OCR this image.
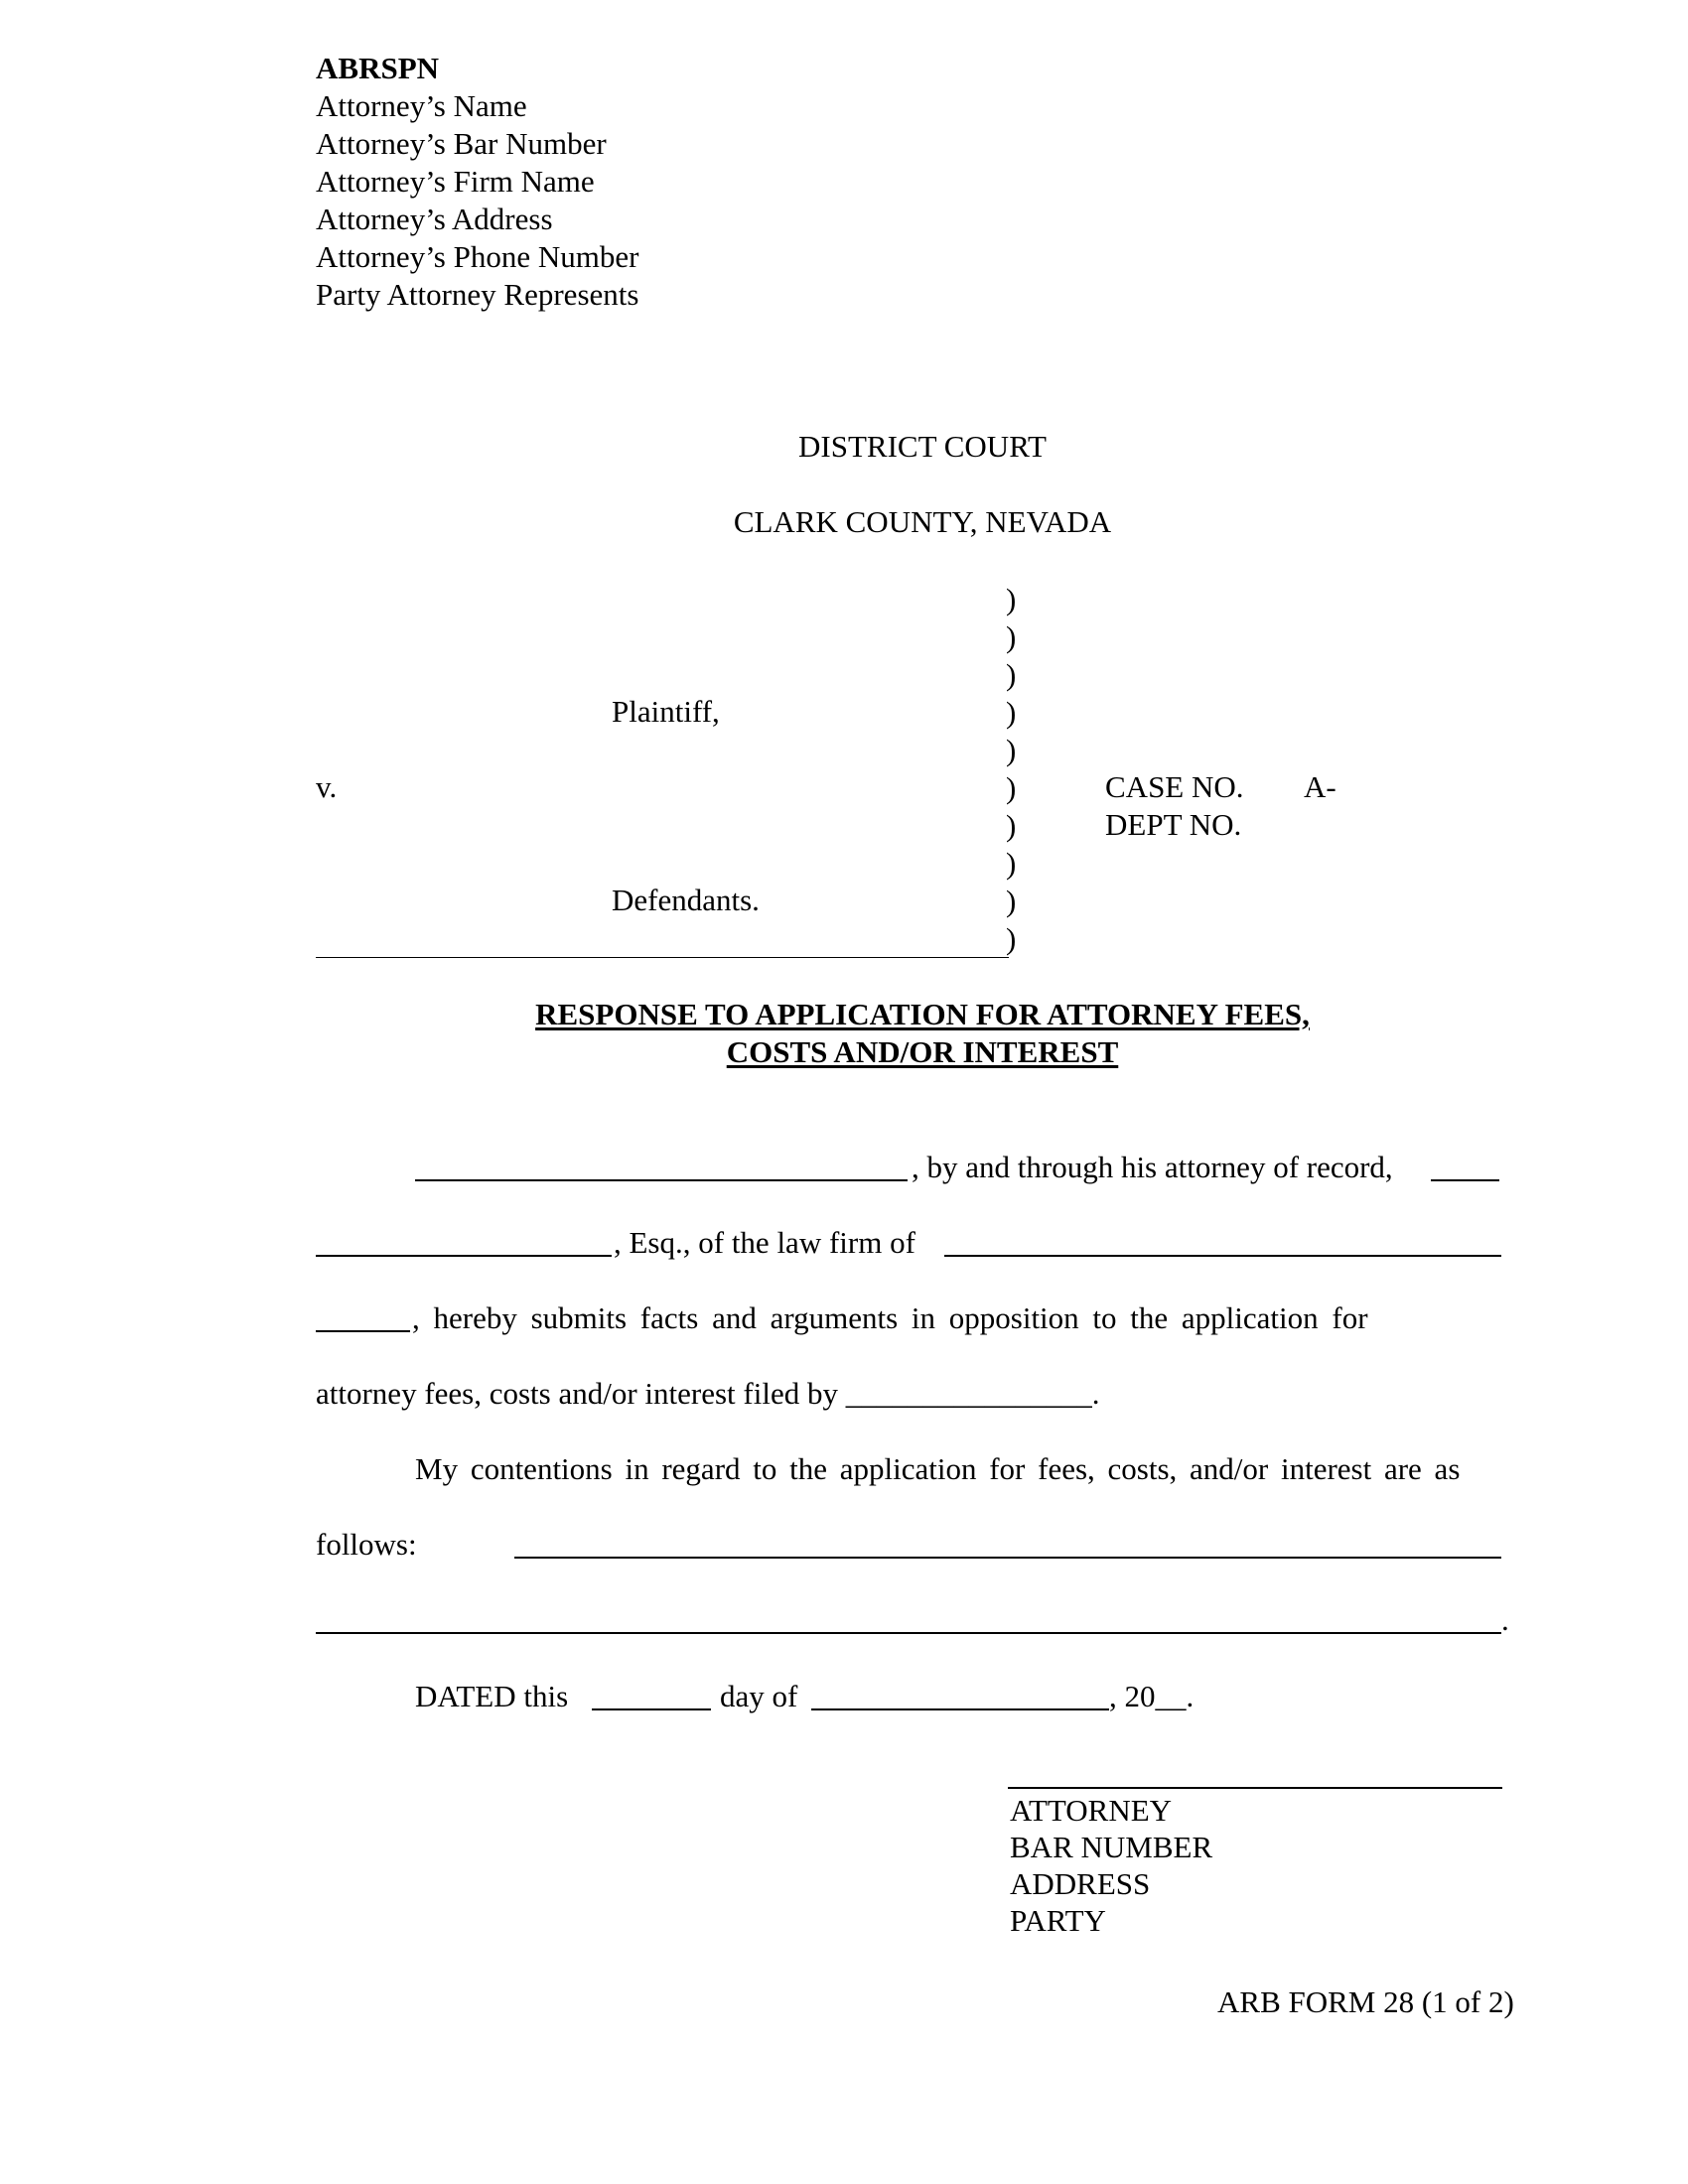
ABRSPN
Attorney’s Name
Attorney’s Bar Number
Attorney’s Firm Name
Attorney’s Address
Attorney’s Phone Number
Party Attorney Represents
DISTRICT COURT
CLARK COUNTY, NEVADA
Plaintiff,
v.
Defendants.
)
)
)
)
)
)
)
)
)
)
CASE NO. A-
DEPT NO.
RESPONSE TO APPLICATION FOR ATTORNEY FEES,
COSTS AND/OR INTEREST
, by and through his attorney of record,
, Esq., of the law firm of
, hereby submits facts and arguments in opposition to the application for
attorney fees, costs and/or interest filed by ________________.
My contentions in regard to the application for fees, costs, and/or interest are as
follows:
.
DATED this	day of	, 20__.
ATTORNEY
BAR NUMBER
ADDRESS
PARTY
ARB FORM 28 (1 of 2)
